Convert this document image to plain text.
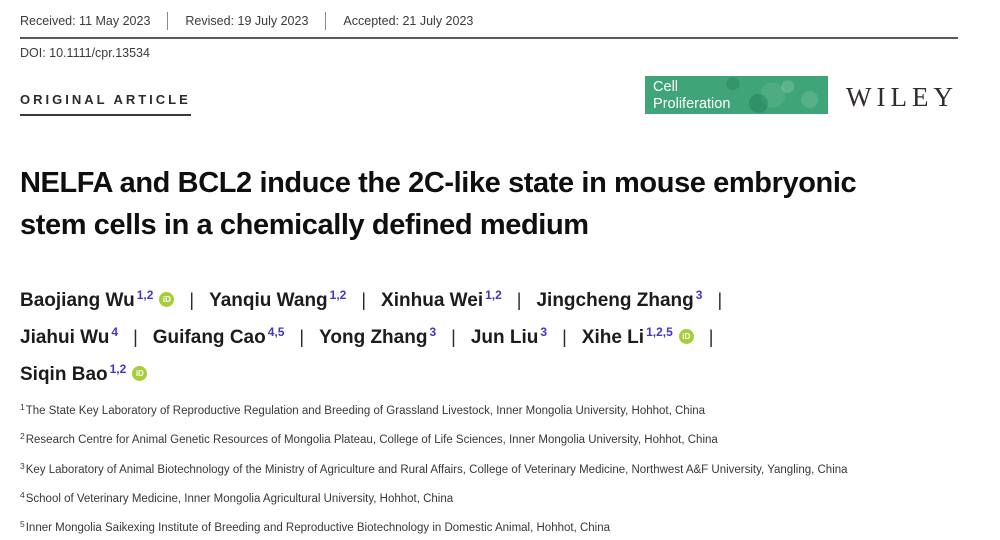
Received: 11 May 2023	Revised: 19 July 2023	Accepted: 21 July 2023
DOI: 10.1111/cpr.13534
ORIGINAL ARTICLE
Cell
Proliferation	WILEY
NELFA and BCL2 induce the 2C-like state in mouse embryonic
stem cells in a chemically defined medium
Baojiang Wu 1,2	iD | Yanqiu Wang 1,2 | Xinhua Wei 1,2 | Jingcheng Zhang 3 |
Jiahui Wu 4 | Guifang Cao 4,5 | Yong Zhang 3 | Jun Liu 3 | Xihe Li 1,2,5	iD |
Siqin Bao 1,2	iD
$^1$The State Key Laboratory of Reproductive Regulation and Breeding of Grassland Livestock, Inner Mongolia University, Hohhot, China
$^2$Research Centre for Animal Genetic Resources of Mongolia Plateau, College of Life Sciences, Inner Mongolia University, Hohhot, China
$^3$Key Laboratory of Animal Biotechnology of the Ministry of Agriculture and Rural Affairs, College of Veterinary Medicine, Northwest A&F University, Yangling, China
$^4$School of Veterinary Medicine, Inner Mongolia Agricultural University, Hohhot, China
$^5$Inner Mongolia Saikexing Institute of Breeding and Reproductive Biotechnology in Domestic Animal, Hohhot, China
